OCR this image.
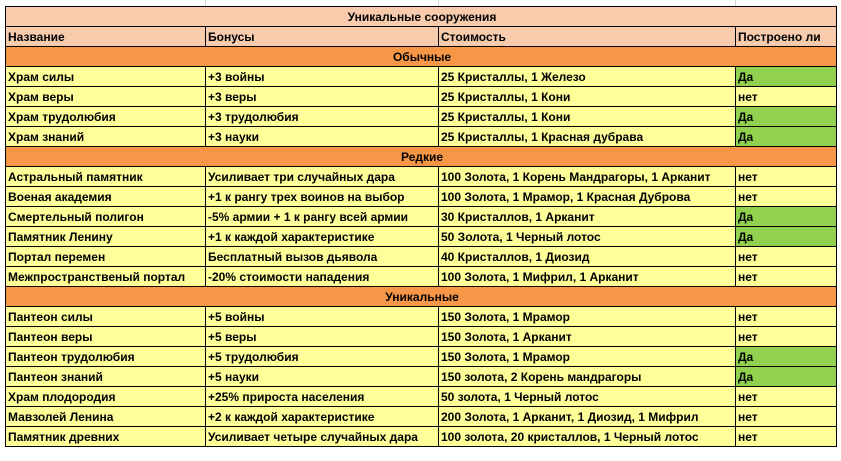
Уникальные сооружения			
Название	Бонусы	Стоимость	Построено ли
Обычные			
Храм силы	+3 войны	25 Кристаллы, 1 Железо	Да
Храм веры	+3 веры	25 Кристаллы, 1 Кони	нет
Храм трудолюбия	+3 трудолюбия	25 Кристаллы, 1 Кони	Да
Храм знаний	+3 науки	25 Кристаллы, 1 Красная дубрава	Да
Редкие			
Астральный памятник	Усиливает три случайных дара	100 Золота, 1 Корень Мандрагоры, 1 Арканит	нет
Военая академия	+1 к рангу трех воинов на выбор	100 Золота, 1 Мрамор, 1 Красная Дуброва	нет
Смертельный полигон	-5% армии + 1 к рангу всей армии	30 Кристаллов, 1 Арканит	Да
Памятник Ленину	+1 к каждой характеристике	50 Золота, 1 Черный лотос	Да
Портал перемен	Бесплатный вызов дьявола	40 Кристаллов, 1 Диозид	нет
Межпространственый портал	-20% стоимости нападения	100 Золота, 1 Мифрил, 1 Арканит	нет
Уникальные			
Пантеон силы	+5 войны	150 Золота, 1 Мрамор	нет
Пантеон веры	+5 веры	150 Золота, 1 Арканит	нет
Пантеон трудолюбия	+5 трудолюбия	150 Золота, 1 Мрамор	Да
Пантеон знаний	+5 науки	150 золота, 2 Корень мандрагоры	Да
Храм плодородия	+25% прироста населения	50 золота, 1 Черный лотос	нет
Мавзолей Ленина	+2 к каждой характеристике	200 Золота, 1 Арканит, 1 Диозид, 1 Мифрил	нет
Памятник древних	Усиливает четыре случайных дара	100 золота, 20 кристаллов, 1 Черный лотос	нет
